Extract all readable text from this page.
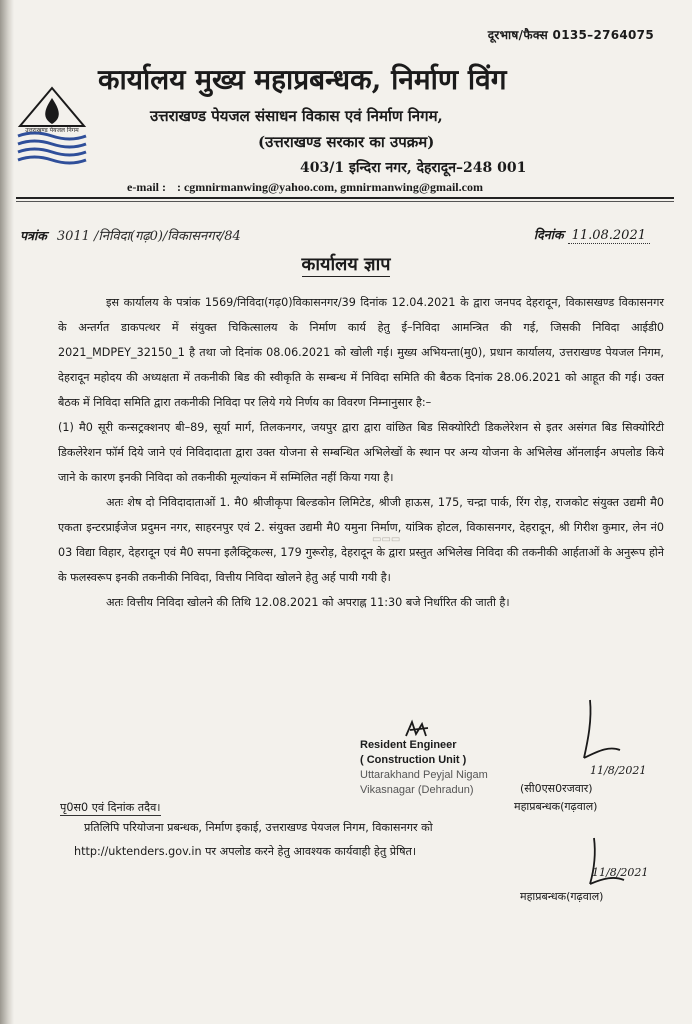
दूरभाष/फैक्स 0135–2764075
उत्तराखण्ड पेयजल निगम
कार्यालय मुख्य महाप्रबन्धक, निर्माण विंग
उत्तराखण्ड पेयजल संसाधन विकास एवं निर्माण निगम,
(उत्तराखण्ड सरकार का उपक्रम)
403/1 इन्दिरा नगर, देहरादून–248 001
e-mail : : cgmnirmanwing@yahoo.com, gmnirmanwing@gmail.com
पत्रांक 3011 /निविदा(गढ़0)/विकासनगर/84	दिनांक 11.08.2021
कार्यालय ज्ञाप

इस कार्यालय के पत्रांक 1569/निविदा(गढ़0)विकासनगर/39 दिनांक 12.04.2021 के द्वारा जनपद देहरादून, विकासखण्ड विकासनगर के अन्तर्गत डाकपत्थर में संयुक्त चिकित्सालय के निर्माण कार्य हेतु ई–निविदा आमन्त्रित की गई, जिसकी निविदा आईडी0 2021_MDPEY_32150_1 है तथा जो दिनांक 08.06.2021 को खोली गई। मुख्य अभियन्ता(मु0), प्रधान कार्यालय, उत्तराखण्ड पेयजल निगम, देहरादून महोदय की अध्यक्षता में तकनीकी बिड की स्वीकृति के सम्बन्ध में निविदा समिति की बैठक दिनांक 28.06.2021 को आहूत की गई। उक्त बैठक में निविदा समिति द्वारा तकनीकी निविदा पर लिये गये निर्णय का विवरण निम्नानुसार है:–

(1) मै0 सूरी कन्सट्रक्शनए बी–89, सूर्या मार्ग, तिलकनगर, जयपुर द्वारा द्वारा वांछित बिड सिक्योरिटी डिकलेरेशन से इतर असंगत बिड सिक्योरिटी डिकलेरेशन फॉर्म दिये जाने एवं निविदादाता द्वारा उक्त योजना से सम्बन्धित अभिलेखों के स्थान पर अन्य योजना के अभिलेख ऑनलाईन अपलोड किये जाने के कारण इनकी निविदा को तकनीकी मूल्यांकन में सम्मिलित नहीं किया गया है।

अतः शेष दो निविदादाताओं 1. मै0 श्रीजीकृपा बिल्डकोन लिमिटेड, श्रीजी हाऊस, 175, चन्द्रा पार्क, रिंग रोड़, राजकोट संयुक्त उद्यमी मै0 एकता इन्टरप्राईजेज प्रदुमन नगर, साहरनपुर एवं 2. संयुक्त उद्यमी मै0 यमुना निर्माण, यांत्रिक होटल, विकासनगर, देहरादून, श्री गिरीश कुमार, लेन नं0 03 विद्या विहार, देहरादून एवं मै0 सपना इलैक्ट्रिकल्स, 179 गुरूरोड़, देहरादून के द्वारा प्रस्तुत अभिलेख निविदा की तकनीकी आर्हताओं के अनुरूप होने के फलस्वरूप इनकी तकनीकी निविदा, वित्तीय निविदा खोलने हेतु अर्ह पायी गयी है।

अतः वित्तीय निविदा खोलने की तिथि 12.08.2021 को अपराह्न 11:30 बजे निर्धारित की जाती है।

▭▭▭
Resident Engineer
( Construction Unit )
Uttarakhand Peyjal Nigam
Vikasnagar (Dehradun)
11/8/2021
(सी0एस0रजवार)
महाप्रबन्धक(गढ़वाल)
पृ0स0 एवं दिनांक तदैव।
प्रतिलिपि परियोजना प्रबन्धक, निर्माण इकाई, उत्तराखण्ड पेयजल निगम, विकासनगर को
http://uktenders.gov.in पर अपलोड करने हेतु आवश्यक कार्यवाही हेतु प्रेषित।
11/8/2021
महाप्रबन्धक(गढ़वाल)
